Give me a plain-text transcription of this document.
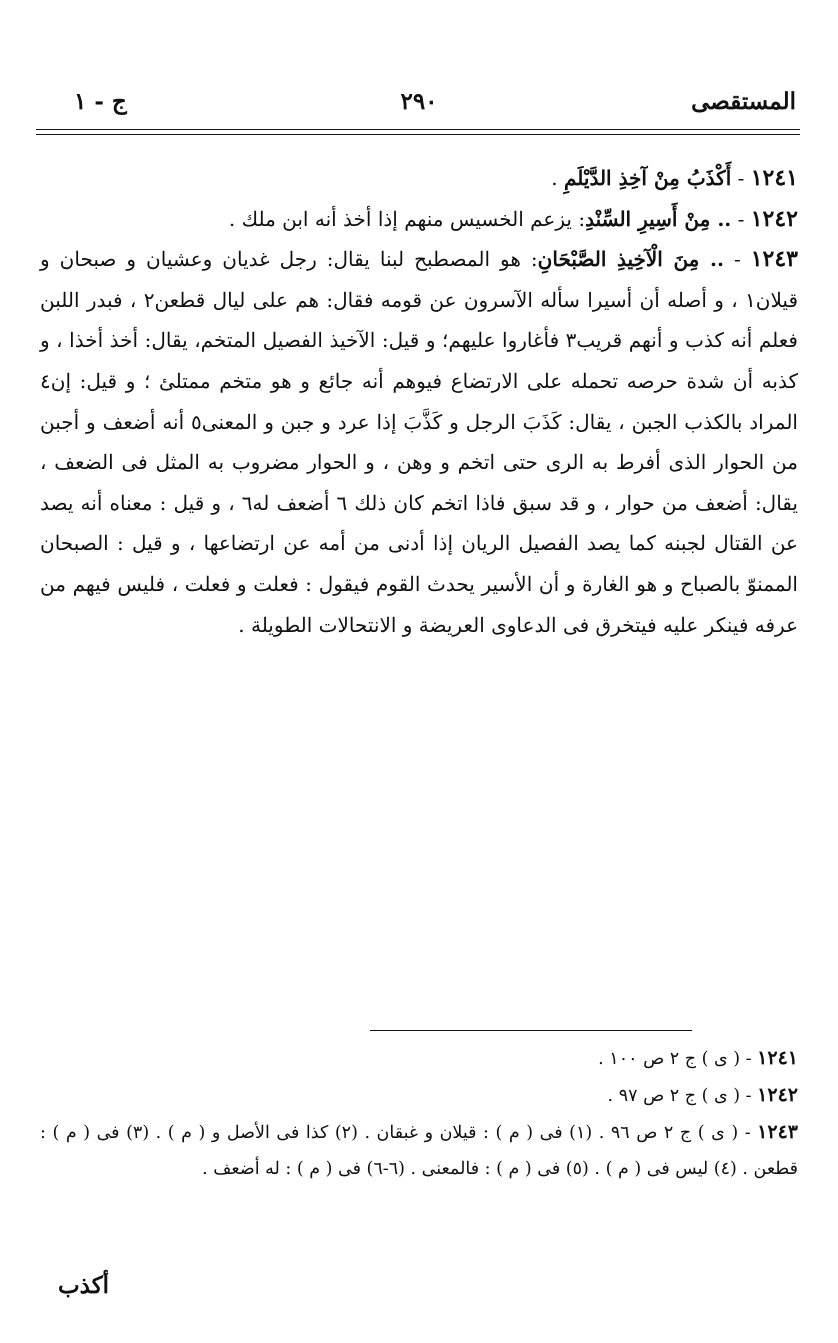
المستقصى
٢٩٠
ج - ١

١٢٤١ - أَكْذَبُ مِنْ آخِذِ الدَّيْلَمِ .

١٢٤٢ - .. مِنْ أَسِيرِ السِّنْدِ: يزعم الخسيس منهم إذا أخذ أنه ابن ملك .

١٢٤٣ - .. مِنَ الْآخِيذِ الصَّبْحَانِ: هو المصطبح لبنا يقال: رجل غديان وعشيان و صبحان و قيلان١ ، و أصله أن أسيرا سأله الآسرون عن قومه فقال: هم على ليال قطعن٢ ، فبدر اللبن فعلم أنه كذب و أنهم قريب٣ فأغاروا عليهم؛ و قيل: الآخيذ الفصيل المتخم، يقال: أخذ أخذا ، و كذبه أن شدة حرصه تحمله على الارتضاع فيوهم أنه جائع و هو متخم ممتلئ ؛ و قيل: إن٤ المراد بالكذب الجبن ، يقال: كَذَبَ الرجل و كَذَّبَ إذا عرد و جبن و المعنى٥ أنه أضعف و أجبن من الحوار الذى أفرط به الرى حتى اتخم و وهن ، و الحوار مضروب به المثل فى الضعف ، يقال: أضعف من حوار ، و قد سبق فاذا اتخم كان ذلك ٦ أضعف له٦ ، و قيل : معناه أنه يصد عن القتال لجبنه كما يصد الفصيل الريان إذا أدنى من أمه عن ارتضاعها ، و قيل : الصبحان الممنوّ بالصباح و هو الغارة و أن الأسير يحدث القوم فيقول : فعلت و فعلت ، فليس فيهم من عرفه فينكر عليه فيتخرق فى الدعاوى العريضة و الانتحالات الطويلة .

١٢٤١ - ( ى ) ج ٢ ص ١٠٠ .

١٢٤٢ - ( ى ) ج ٢ ص ٩٧ .

١٢٤٣ - ( ى ) ج ٢ ص ٩٦ . (١) فى ( م ) : قيلان و غبقان . (٢) كذا فى الأصل و ( م ) . (٣) فى ( م ) : قطعن . (٤) ليس فى ( م ) . (٥) فى ( م ) : فالمعنى . (٦-٦) فى ( م ) : له أضعف .

أكذب
